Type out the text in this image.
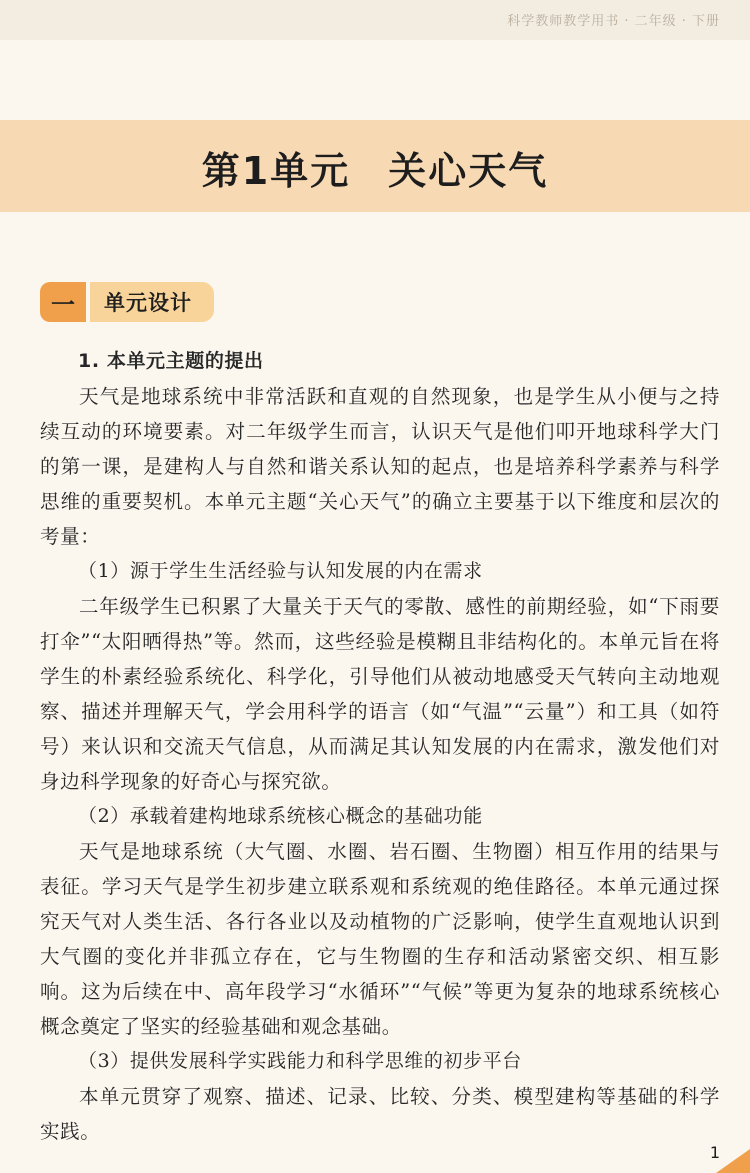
科学教师教学用书 · 二年级 · 下册
第1单元 关心天气
一	单元设计

1. 本单元主题的提出

天气是地球系统中非常活跃和直观的自然现象，也是学生从小便与之持续互动的环境要素。对二年级学生而言，认识天气是他们叩开地球科学大门的第一课，是建构人与自然和谐关系认知的起点，也是培养科学素养与科学思维的重要契机。本单元主题“关心天气”的确立主要基于以下维度和层次的考量：

（1）源于学生生活经验与认知发展的内在需求

二年级学生已积累了大量关于天气的零散、感性的前期经验，如“下雨要打伞”“太阳晒得热”等。然而，这些经验是模糊且非结构化的。本单元旨在将学生的朴素经验系统化、科学化，引导他们从被动地感受天气转向主动地观察、描述并理解天气，学会用科学的语言（如“气温”“云量”）和工具（如符号）来认识和交流天气信息，从而满足其认知发展的内在需求，激发他们对身边科学现象的好奇心与探究欲。

（2）承载着建构地球系统核心概念的基础功能

天气是地球系统（大气圈、水圈、岩石圈、生物圈）相互作用的结果与表征。学习天气是学生初步建立联系观和系统观的绝佳路径。本单元通过探究天气对人类生活、各行各业以及动植物的广泛影响，使学生直观地认识到大气圈的变化并非孤立存在，它与生物圈的生存和活动紧密交织、相互影响。这为后续在中、高年段学习“水循环”“气候”等更为复杂的地球系统核心概念奠定了坚实的经验基础和观念基础。

（3）提供发展科学实践能力和科学思维的初步平台

本单元贯穿了观察、描述、记录、比较、分类、模型建构等基础的科学实践。

1
